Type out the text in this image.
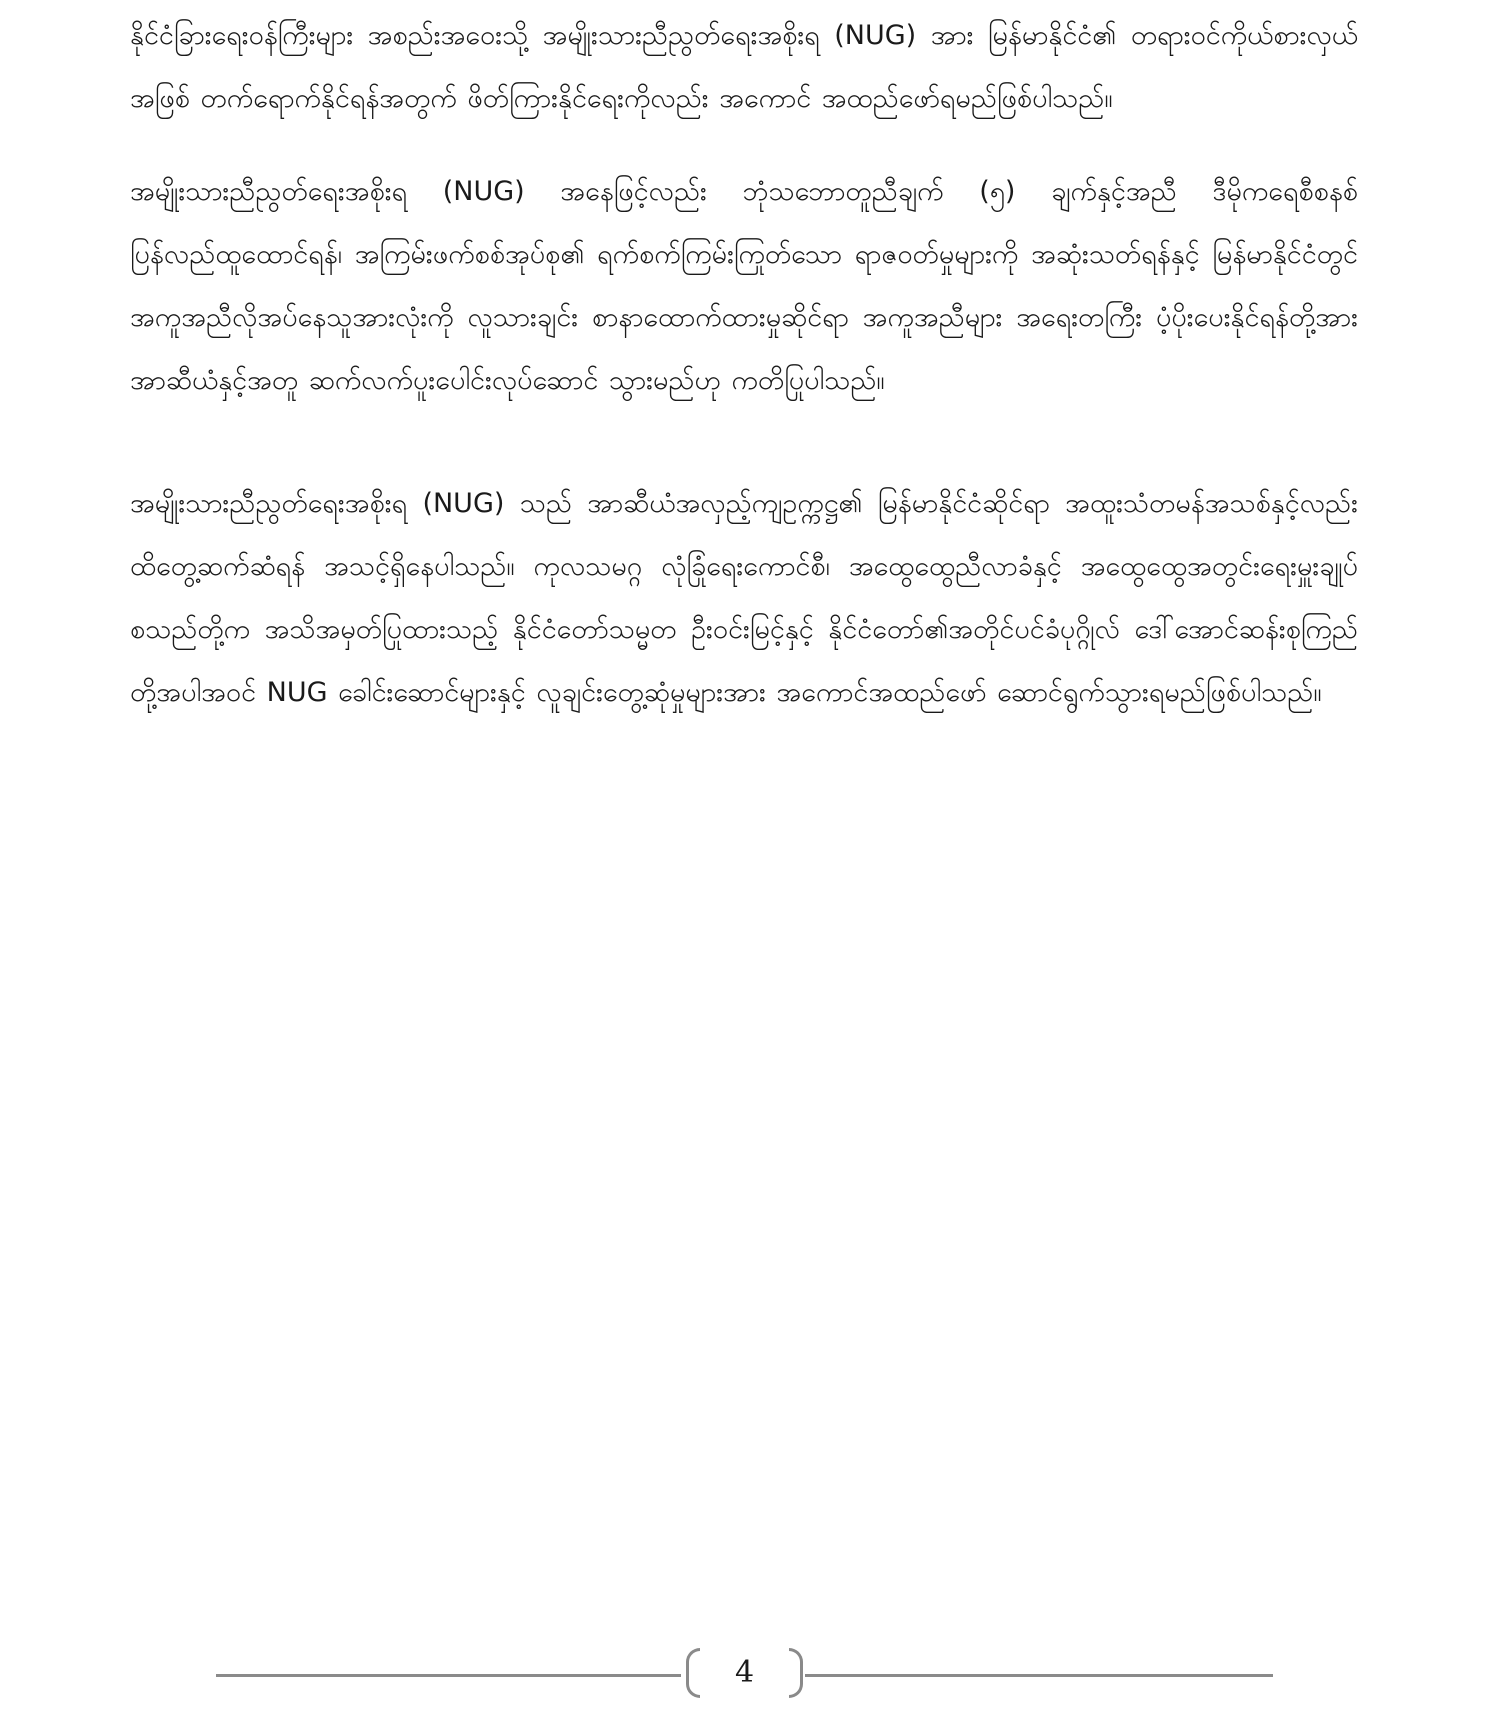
နိုင်ငံခြားရေးဝန်ကြီးများ အစည်းအဝေးသို့ အမျိုးသားညီညွတ်ရေးအစိုးရ (NUG) အား မြန်မာနိုင်ငံ၏ တရားဝင်ကိုယ်စားလှယ်အဖြစ် တက်ရောက်နိုင်ရန်အတွက် ဖိတ်ကြားနိုင်ရေးကိုလည်း အကောင် အထည်ဖော်ရမည်ဖြစ်ပါသည်။

အမျိုးသားညီညွတ်ရေးအစိုးရ (NUG) အနေဖြင့်လည်း ဘုံသဘောတူညီချက် (၅) ချက်နှင့်အညီ ဒီမိုကရေစီစနစ်ပြန်လည်ထူထောင်ရန်၊ အကြမ်းဖက်စစ်အုပ်စု၏ ရက်စက်ကြမ်းကြုတ်သော ရာဇဝတ်မှုများကို အဆုံးသတ်ရန်နှင့် မြန်မာနိုင်ငံတွင် အကူအညီလိုအပ်နေသူအားလုံးကို လူသားချင်း စာနာထောက်ထားမှုဆိုင်ရာ အကူအညီများ အရေးတကြီး ပံ့ပိုးပေးနိုင်ရန်တို့အား အာဆီယံနှင့်အတူ ဆက်လက်ပူးပေါင်းလုပ်ဆောင် သွားမည်ဟု ကတိပြုပါသည်။

အမျိုးသားညီညွတ်ရေးအစိုးရ (NUG) သည် အာဆီယံအလှည့်ကျဥက္ကဋ္ဌ၏ မြန်မာနိုင်ငံဆိုင်ရာ အထူးသံတမန်အသစ်နှင့်လည်း ထိတွေ့ဆက်ဆံရန် အသင့်ရှိနေပါသည်။ ကုလသမဂ္ဂ လုံခြုံရေးကောင်စီ၊ အထွေထွေညီလာခံနှင့် အထွေထွေအတွင်းရေးမှူးချုပ်စသည်တို့က အသိအမှတ်ပြုထားသည့် နိုင်ငံတော်သမ္မတ ဦးဝင်းမြင့်နှင့် နိုင်ငံတော်၏အတိုင်ပင်ခံပုဂ္ဂိုလ် ဒေါ်အောင်ဆန်းစုကြည်တို့အပါအဝင် NUG ခေါင်းဆောင်များနှင့် လူချင်းတွေ့ဆုံမှုများအား အကောင်အထည်ဖော် ဆောင်ရွက်သွားရမည်ဖြစ်ပါသည်။

4
